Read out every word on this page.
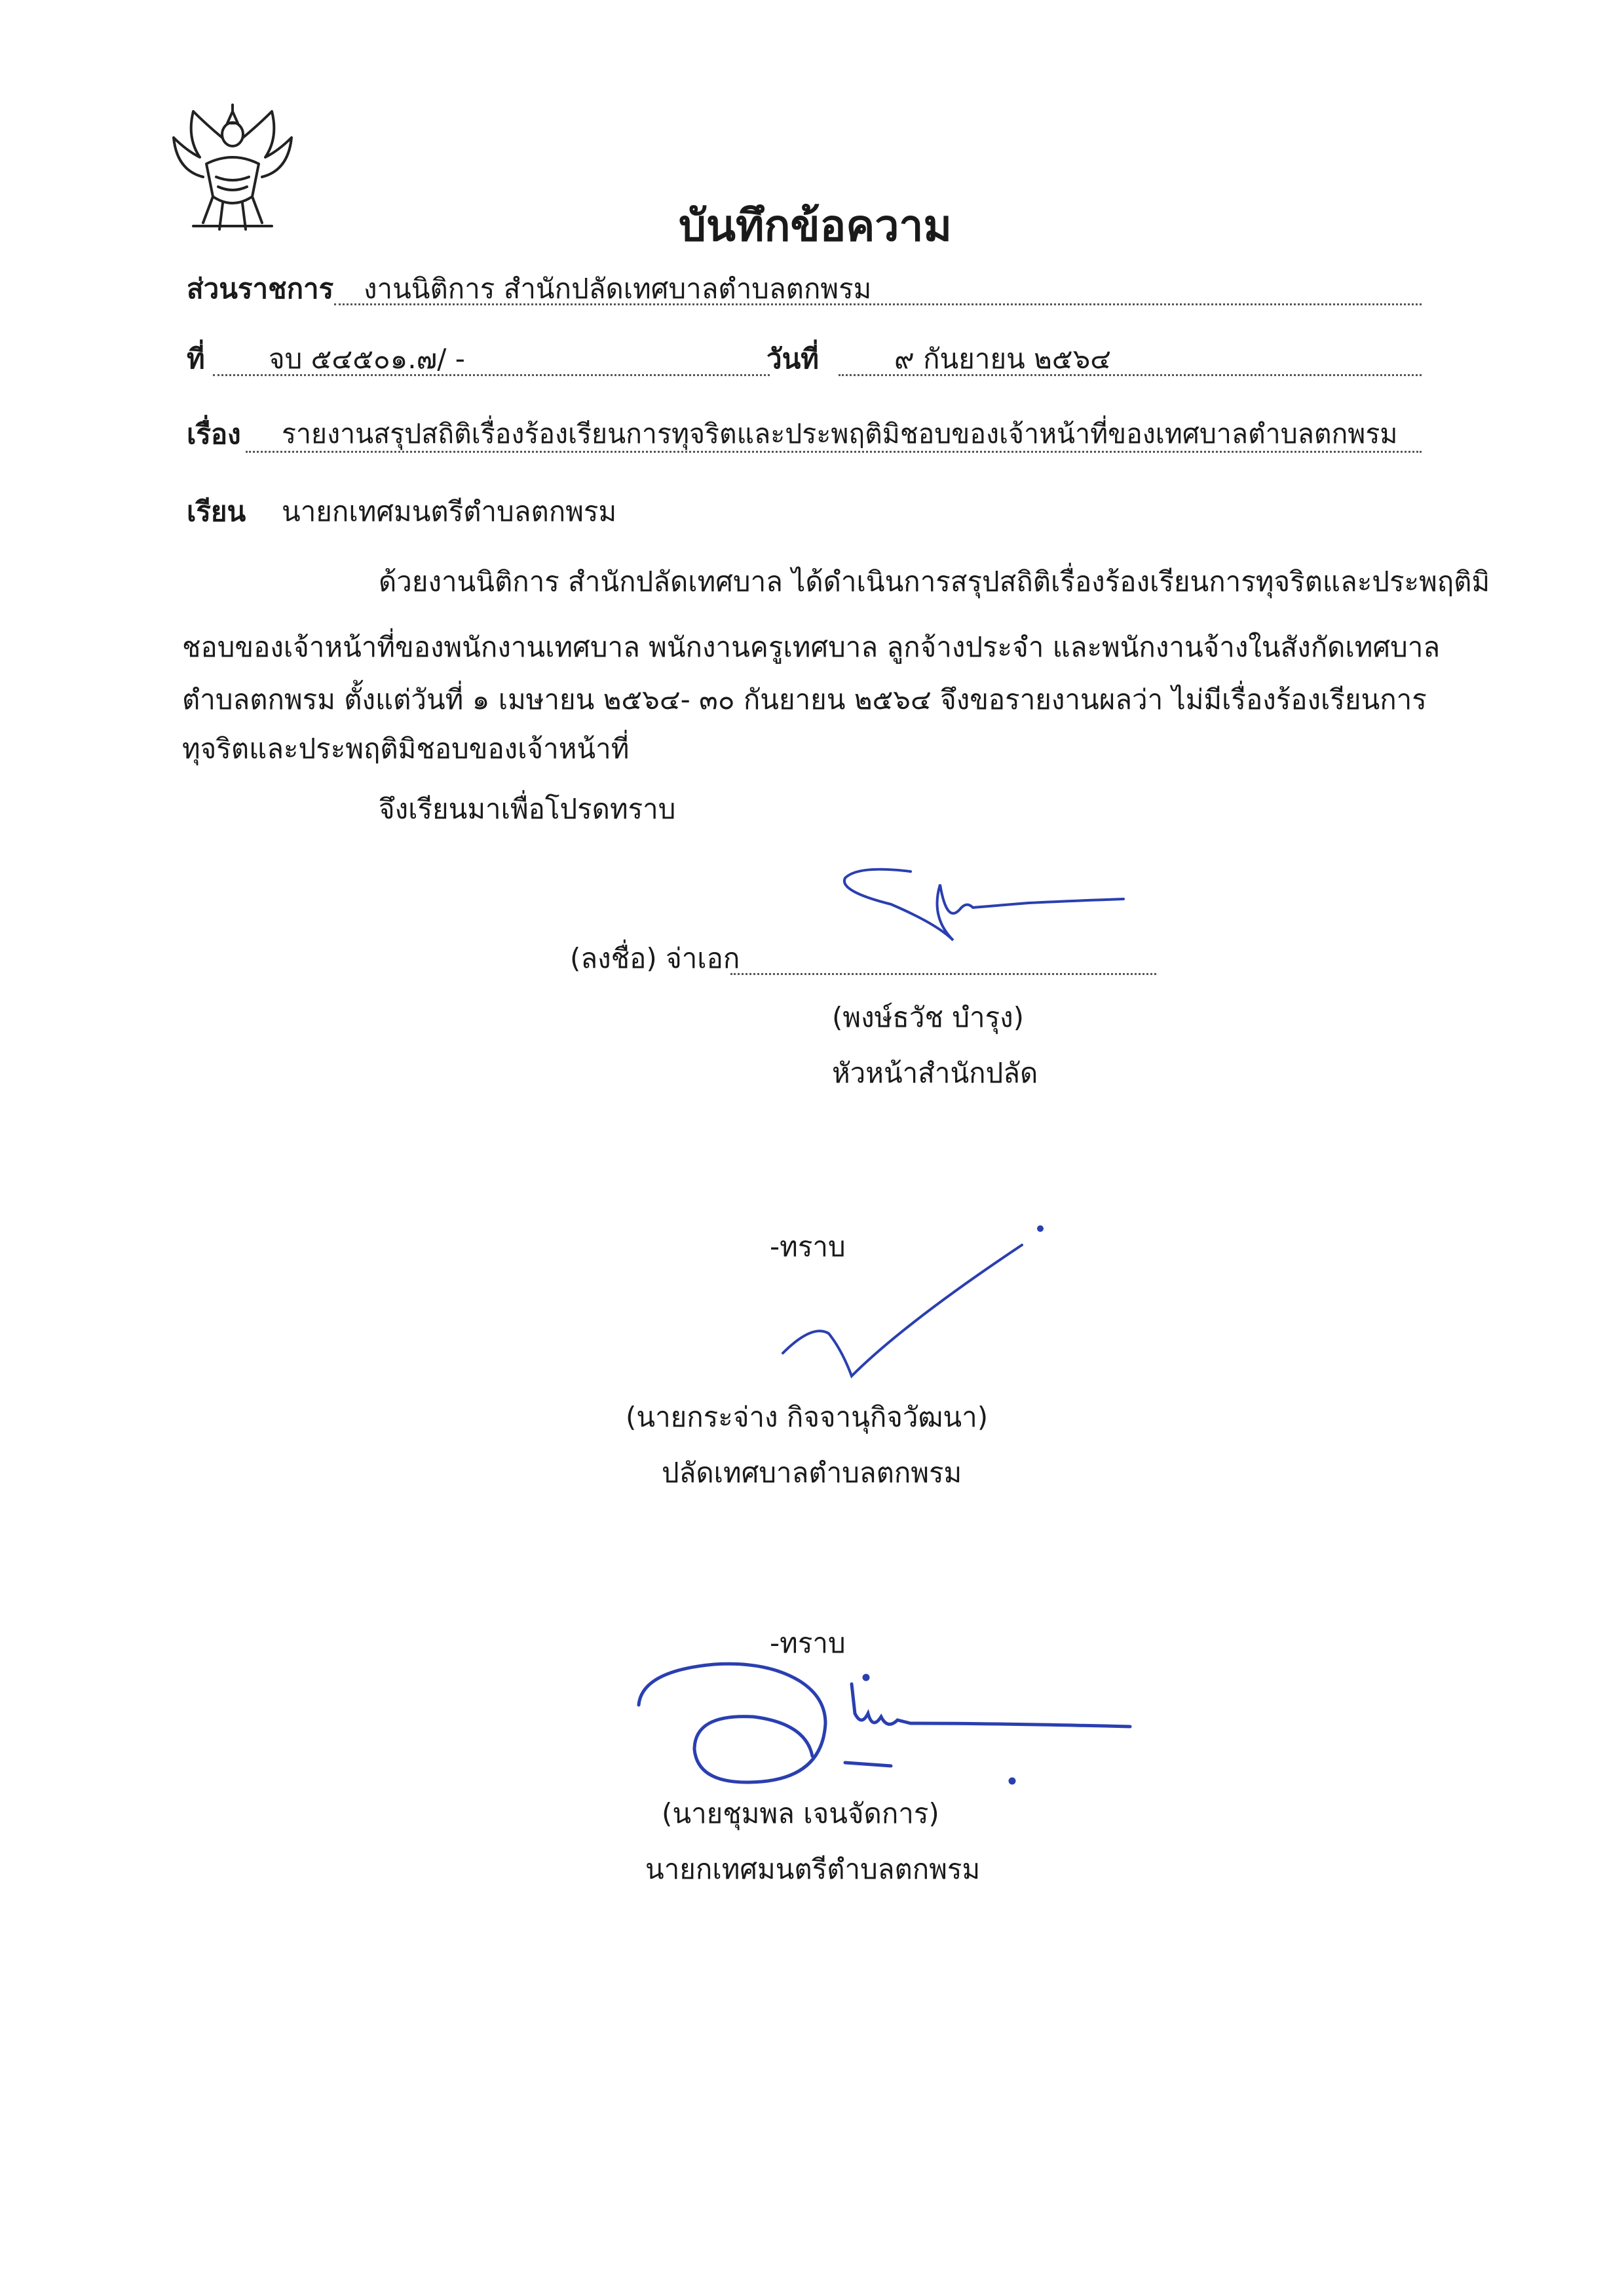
บันทึกข้อความ
ส่วนราชการ งานนิติการ สำนักปลัดเทศบาลตำบลตกพรม
ที่ จบ ๕๔๕๐๑.๗/ -	วันที่	๙ กันยายน ๒๕๖๔
เรื่อง รายงานสรุปสถิติเรื่องร้องเรียนการทุจริตและประพฤติมิชอบของเจ้าหน้าที่ของเทศบาลตำบลตกพรม
เรียน นายกเทศมนตรีตำบลตกพรม
ด้วยงานนิติการ สำนักปลัดเทศบาล ได้ดำเนินการสรุปสถิติเรื่องร้องเรียนการทุจริตและประพฤติมิ
ชอบของเจ้าหน้าที่ของพนักงานเทศบาล พนักงานครูเทศบาล ลูกจ้างประจำ และพนักงานจ้างในสังกัดเทศบาล
ตำบลตกพรม ตั้งแต่วันที่ ๑ เมษายน ๒๕๖๔- ๓๐ กันยายน ๒๕๖๔ จึงขอรายงานผลว่า ไม่มีเรื่องร้องเรียนการ
ทุจริตและประพฤติมิชอบของเจ้าหน้าที่
จึงเรียนมาเพื่อโปรดทราบ
(ลงชื่อ) จ่าเอก
(พงษ์ธวัช บำรุง)
หัวหน้าสำนักปลัด
-ทราบ
(นายกระจ่าง กิจจานุกิจวัฒนา)
ปลัดเทศบาลตำบลตกพรม
-ทราบ
(นายชุมพล เจนจัดการ)
นายกเทศมนตรีตำบลตกพรม
